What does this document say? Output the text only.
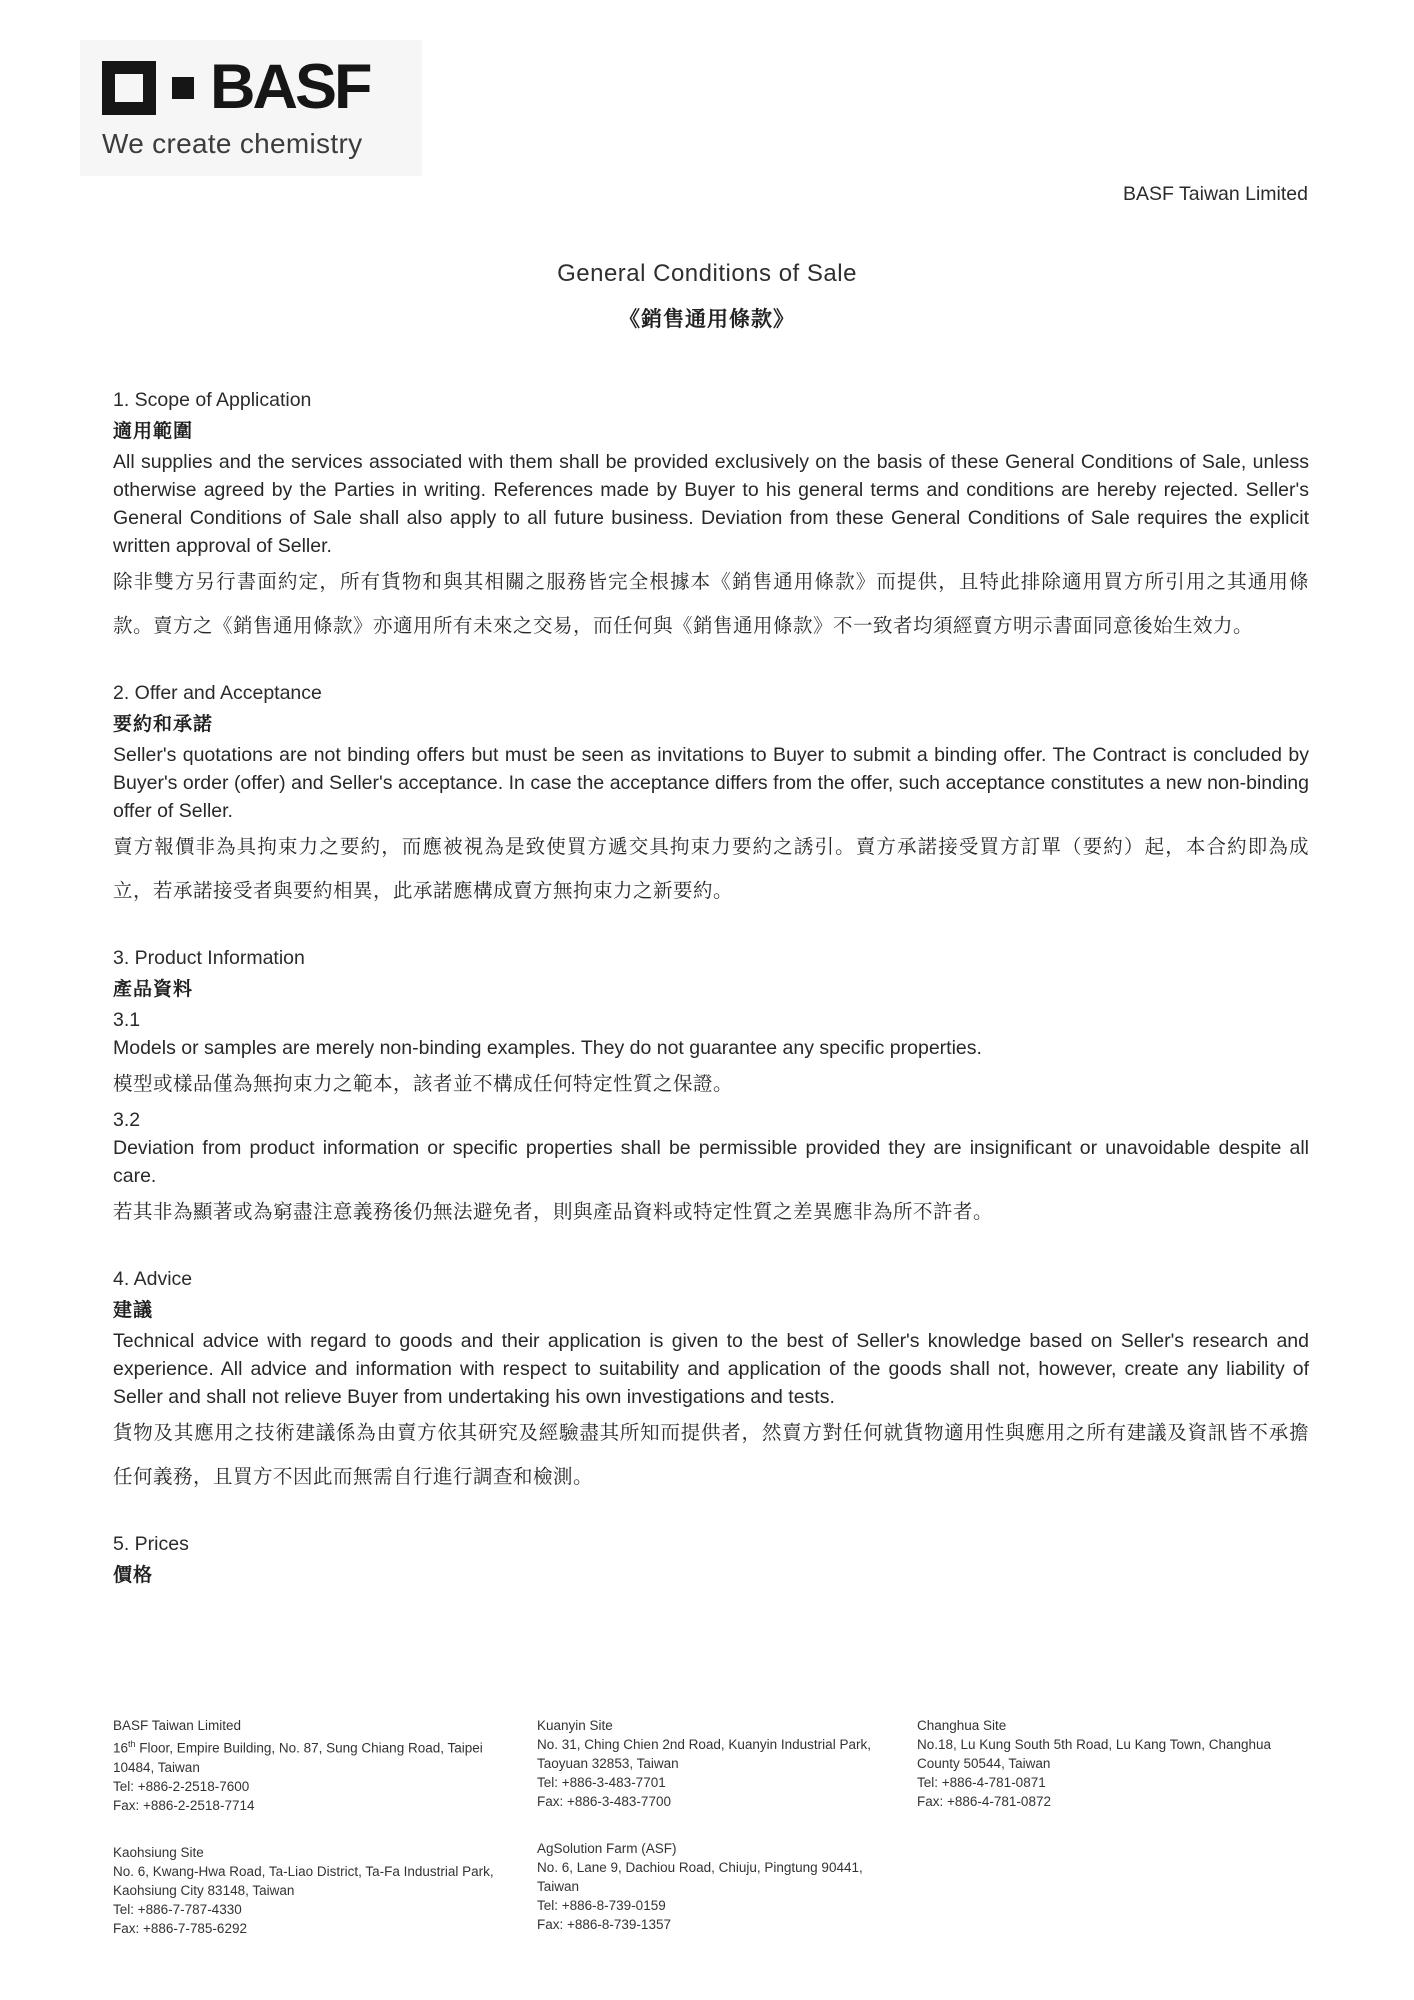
BASF
We create chemistry
BASF Taiwan Limited
General Conditions of Sale
《銷售通用條款》
1. Scope of Application
適用範圍
All supplies and the services associated with them shall be provided exclusively on the basis of these General Conditions of Sale, unless otherwise agreed by the Parties in writing. References made by Buyer to his general terms and conditions are hereby rejected. Seller's General Conditions of Sale shall also apply to all future business. Deviation from these General Conditions of Sale requires the explicit written approval of Seller.
除非雙方另行書面約定，所有貨物和與其相關之服務皆完全根據本《銷售通用條款》而提供，且特此排除適用買方所引用之其通用條款。賣方之《銷售通用條款》亦適用所有未來之交易，而任何與《銷售通用條款》不一致者均須經賣方明示書面同意後始生效力。
2. Offer and Acceptance
要約和承諾
Seller's quotations are not binding offers but must be seen as invitations to Buyer to submit a binding offer. The Contract is concluded by Buyer's order (offer) and Seller's acceptance. In case the acceptance differs from the offer, such acceptance constitutes a new non-binding offer of Seller.
賣方報價非為具拘束力之要約，而應被視為是致使買方遞交具拘束力要約之誘引。賣方承諾接受買方訂單（要約）起，本合約即為成立，若承諾接受者與要約相異，此承諾應構成賣方無拘束力之新要約。
3. Product Information
產品資料
3.1
Models or samples are merely non-binding examples. They do not guarantee any specific properties.
模型或樣品僅為無拘束力之範本，該者並不構成任何特定性質之保證。
3.2
Deviation from product information or specific properties shall be permissible provided they are insignificant or unavoidable despite all care.
若其非為顯著或為窮盡注意義務後仍無法避免者，則與產品資料或特定性質之差異應非為所不許者。
4. Advice
建議
Technical advice with regard to goods and their application is given to the best of Seller's knowledge based on Seller's research and experience. All advice and information with respect to suitability and application of the goods shall not, however, create any liability of Seller and shall not relieve Buyer from undertaking his own investigations and tests.
貨物及其應用之技術建議係為由賣方依其研究及經驗盡其所知而提供者，然賣方對任何就貨物適用性與應用之所有建議及資訊皆不承擔任何義務，且買方不因此而無需自行進行調查和檢測。
5. Prices
價格
BASF Taiwan Limited
16th Floor, Empire Building, No. 87, Sung Chiang Road, Taipei 10484, Taiwan
Tel: +886-2-2518-7600
Fax: +886-2-2518-7714
Kaohsiung Site
No. 6, Kwang-Hwa Road, Ta-Liao District, Ta-Fa Industrial Park, Kaohsiung City 83148, Taiwan
Tel: +886-7-787-4330
Fax: +886-7-785-6292
Kuanyin Site
No. 31, Ching Chien 2nd Road, Kuanyin Industrial Park, Taoyuan 32853, Taiwan
Tel: +886-3-483-7701
Fax: +886-3-483-7700
AgSolution Farm (ASF)
No. 6, Lane 9, Dachiou Road, Chiuju, Pingtung 90441, Taiwan
Tel: +886-8-739-0159
Fax: +886-8-739-1357
Changhua Site
No.18, Lu Kung South 5th Road, Lu Kang Town, Changhua County 50544, Taiwan
Tel: +886-4-781-0871
Fax: +886-4-781-0872
